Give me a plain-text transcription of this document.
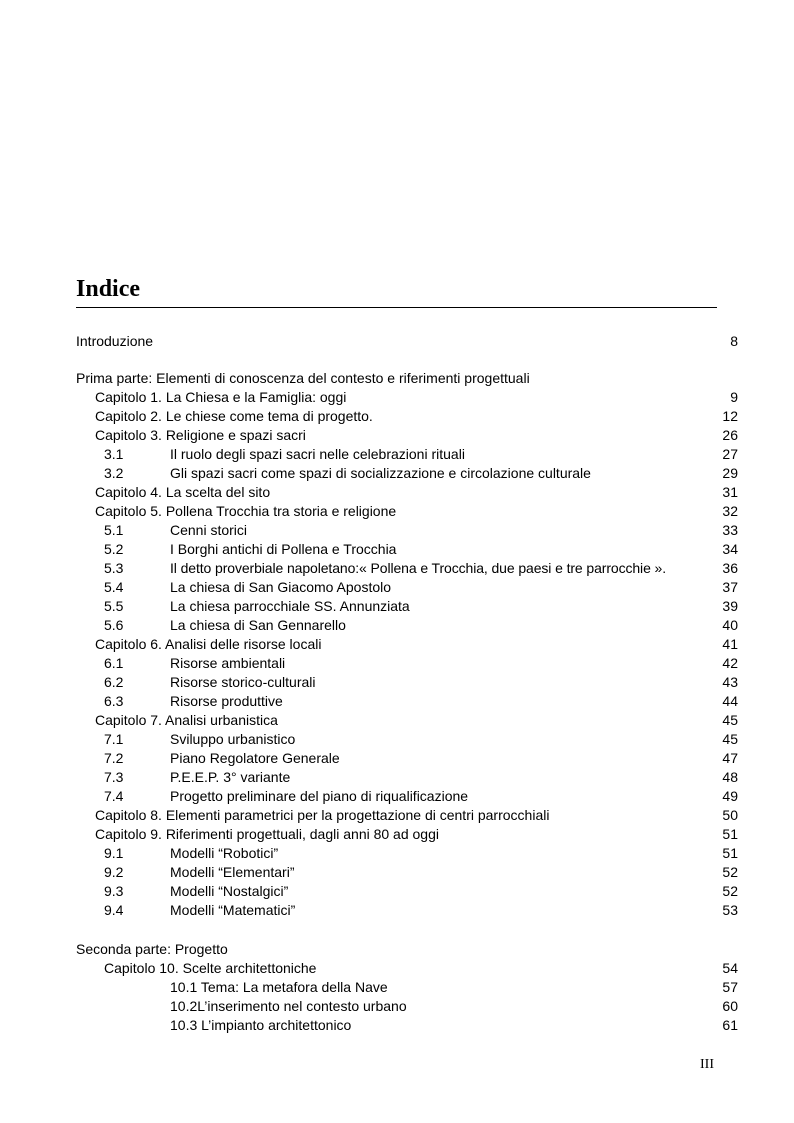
Indice
Introduzione	8
Prima parte: Elementi di conoscenza del contesto e riferimenti progettuali
Capitolo 1. La Chiesa e la Famiglia: oggi	9
Capitolo 2. Le chiese come tema di progetto.	12
Capitolo 3. Religione e spazi sacri	26
3.1	Il ruolo degli spazi sacri nelle celebrazioni rituali	27
3.2	Gli spazi sacri come spazi di socializzazione e circolazione culturale	29
Capitolo 4. La scelta del sito	31
Capitolo 5. Pollena Trocchia tra storia e religione	32
5.1	Cenni storici	33
5.2	I Borghi antichi di Pollena e Trocchia	34
5.3	Il detto proverbiale napoletano:« Pollena e Trocchia, due paesi e tre parrocchie ».	36
5.4	La chiesa di San Giacomo Apostolo	37
5.5	La chiesa parrocchiale SS. Annunziata	39
5.6	La chiesa di San Gennarello	40
Capitolo 6. Analisi delle risorse locali	41
6.1	Risorse ambientali	42
6.2	Risorse storico-culturali	43
6.3	Risorse produttive	44
Capitolo 7. Analisi urbanistica	45
7.1	Sviluppo urbanistico	45
7.2	Piano Regolatore Generale	47
7.3	P.E.E.P. 3° variante	48
7.4	Progetto preliminare del piano di riqualificazione	49
Capitolo 8. Elementi parametrici per la progettazione di centri parrocchiali	50
Capitolo 9. Riferimenti progettuali, dagli anni 80 ad oggi	51
9.1	Modelli “Robotici”	51
9.2	Modelli “Elementari”	52
9.3	Modelli “Nostalgici”	52
9.4	Modelli “Matematici”	53
Seconda parte: Progetto
Capitolo 10. Scelte architettoniche	54
10.1 Tema: La metafora della Nave	57
10.2L’inserimento nel contesto urbano	60
10.3 L’impianto architettonico	61
III
